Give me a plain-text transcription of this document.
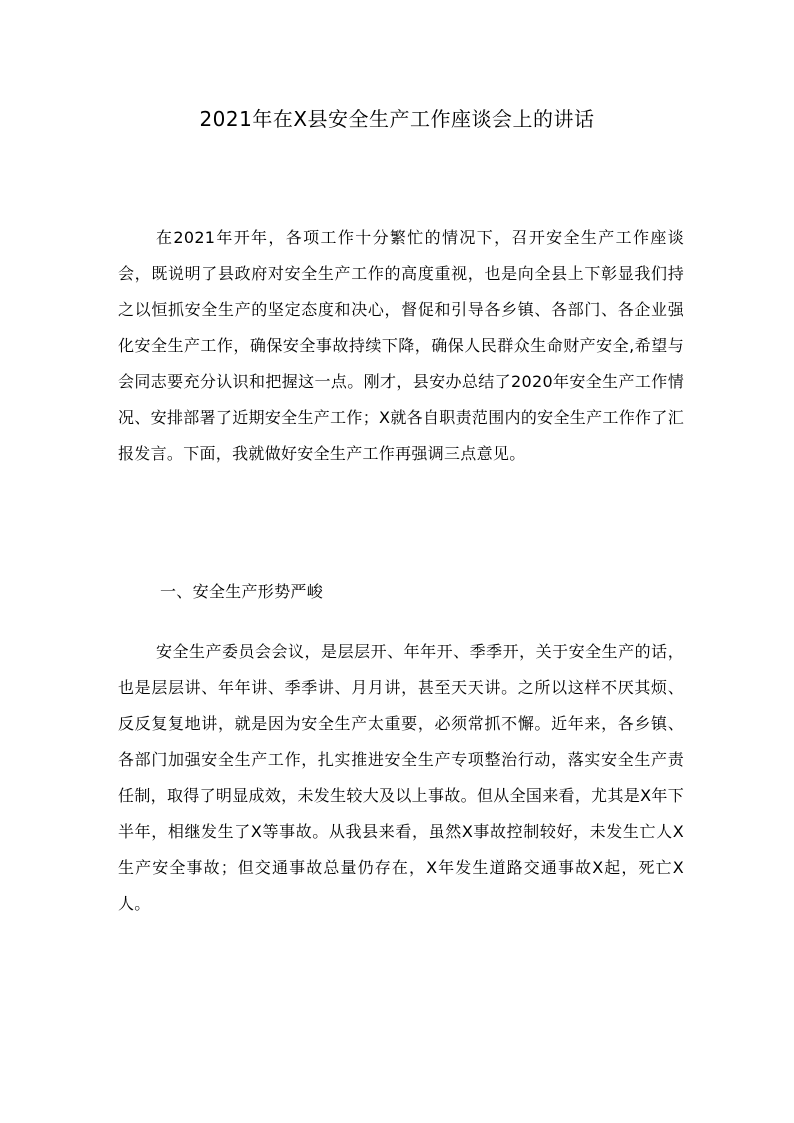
2021年在X县安全生产工作座谈会上的讲话

在2021年开年，各项工作十分繁忙的情况下，召开安全生产工作座谈会，既说明了县政府对安全生产工作的高度重视，也是向全县上下彰显我们持之以恒抓安全生产的坚定态度和决心，督促和引导各乡镇、各部门、各企业强化安全生产工作，确保安全事故持续下降，确保人民群众生命财产安全,希望与会同志要充分认识和把握这一点。刚才，县安办总结了2020年安全生产工作情况、安排部署了近期安全生产工作；X就各自职责范围内的安全生产工作作了汇报发言。下面，我就做好安全生产工作再强调三点意见。

一、安全生产形势严峻

安全生产委员会会议，是层层开、年年开、季季开，关于安全生产的话，也是层层讲、年年讲、季季讲、月月讲，甚至天天讲。之所以这样不厌其烦、反反复复地讲，就是因为安全生产太重要，必须常抓不懈。近年来，各乡镇、各部门加强安全生产工作，扎实推进安全生产专项整治行动，落实安全生产责任制，取得了明显成效，未发生较大及以上事故。但从全国来看，尤其是X年下半年，相继发生了X等事故。从我县来看，虽然X事故控制较好，未发生亡人X生产安全事故；但交通事故总量仍存在，X年发生道路交通事故X起，死亡X人。
